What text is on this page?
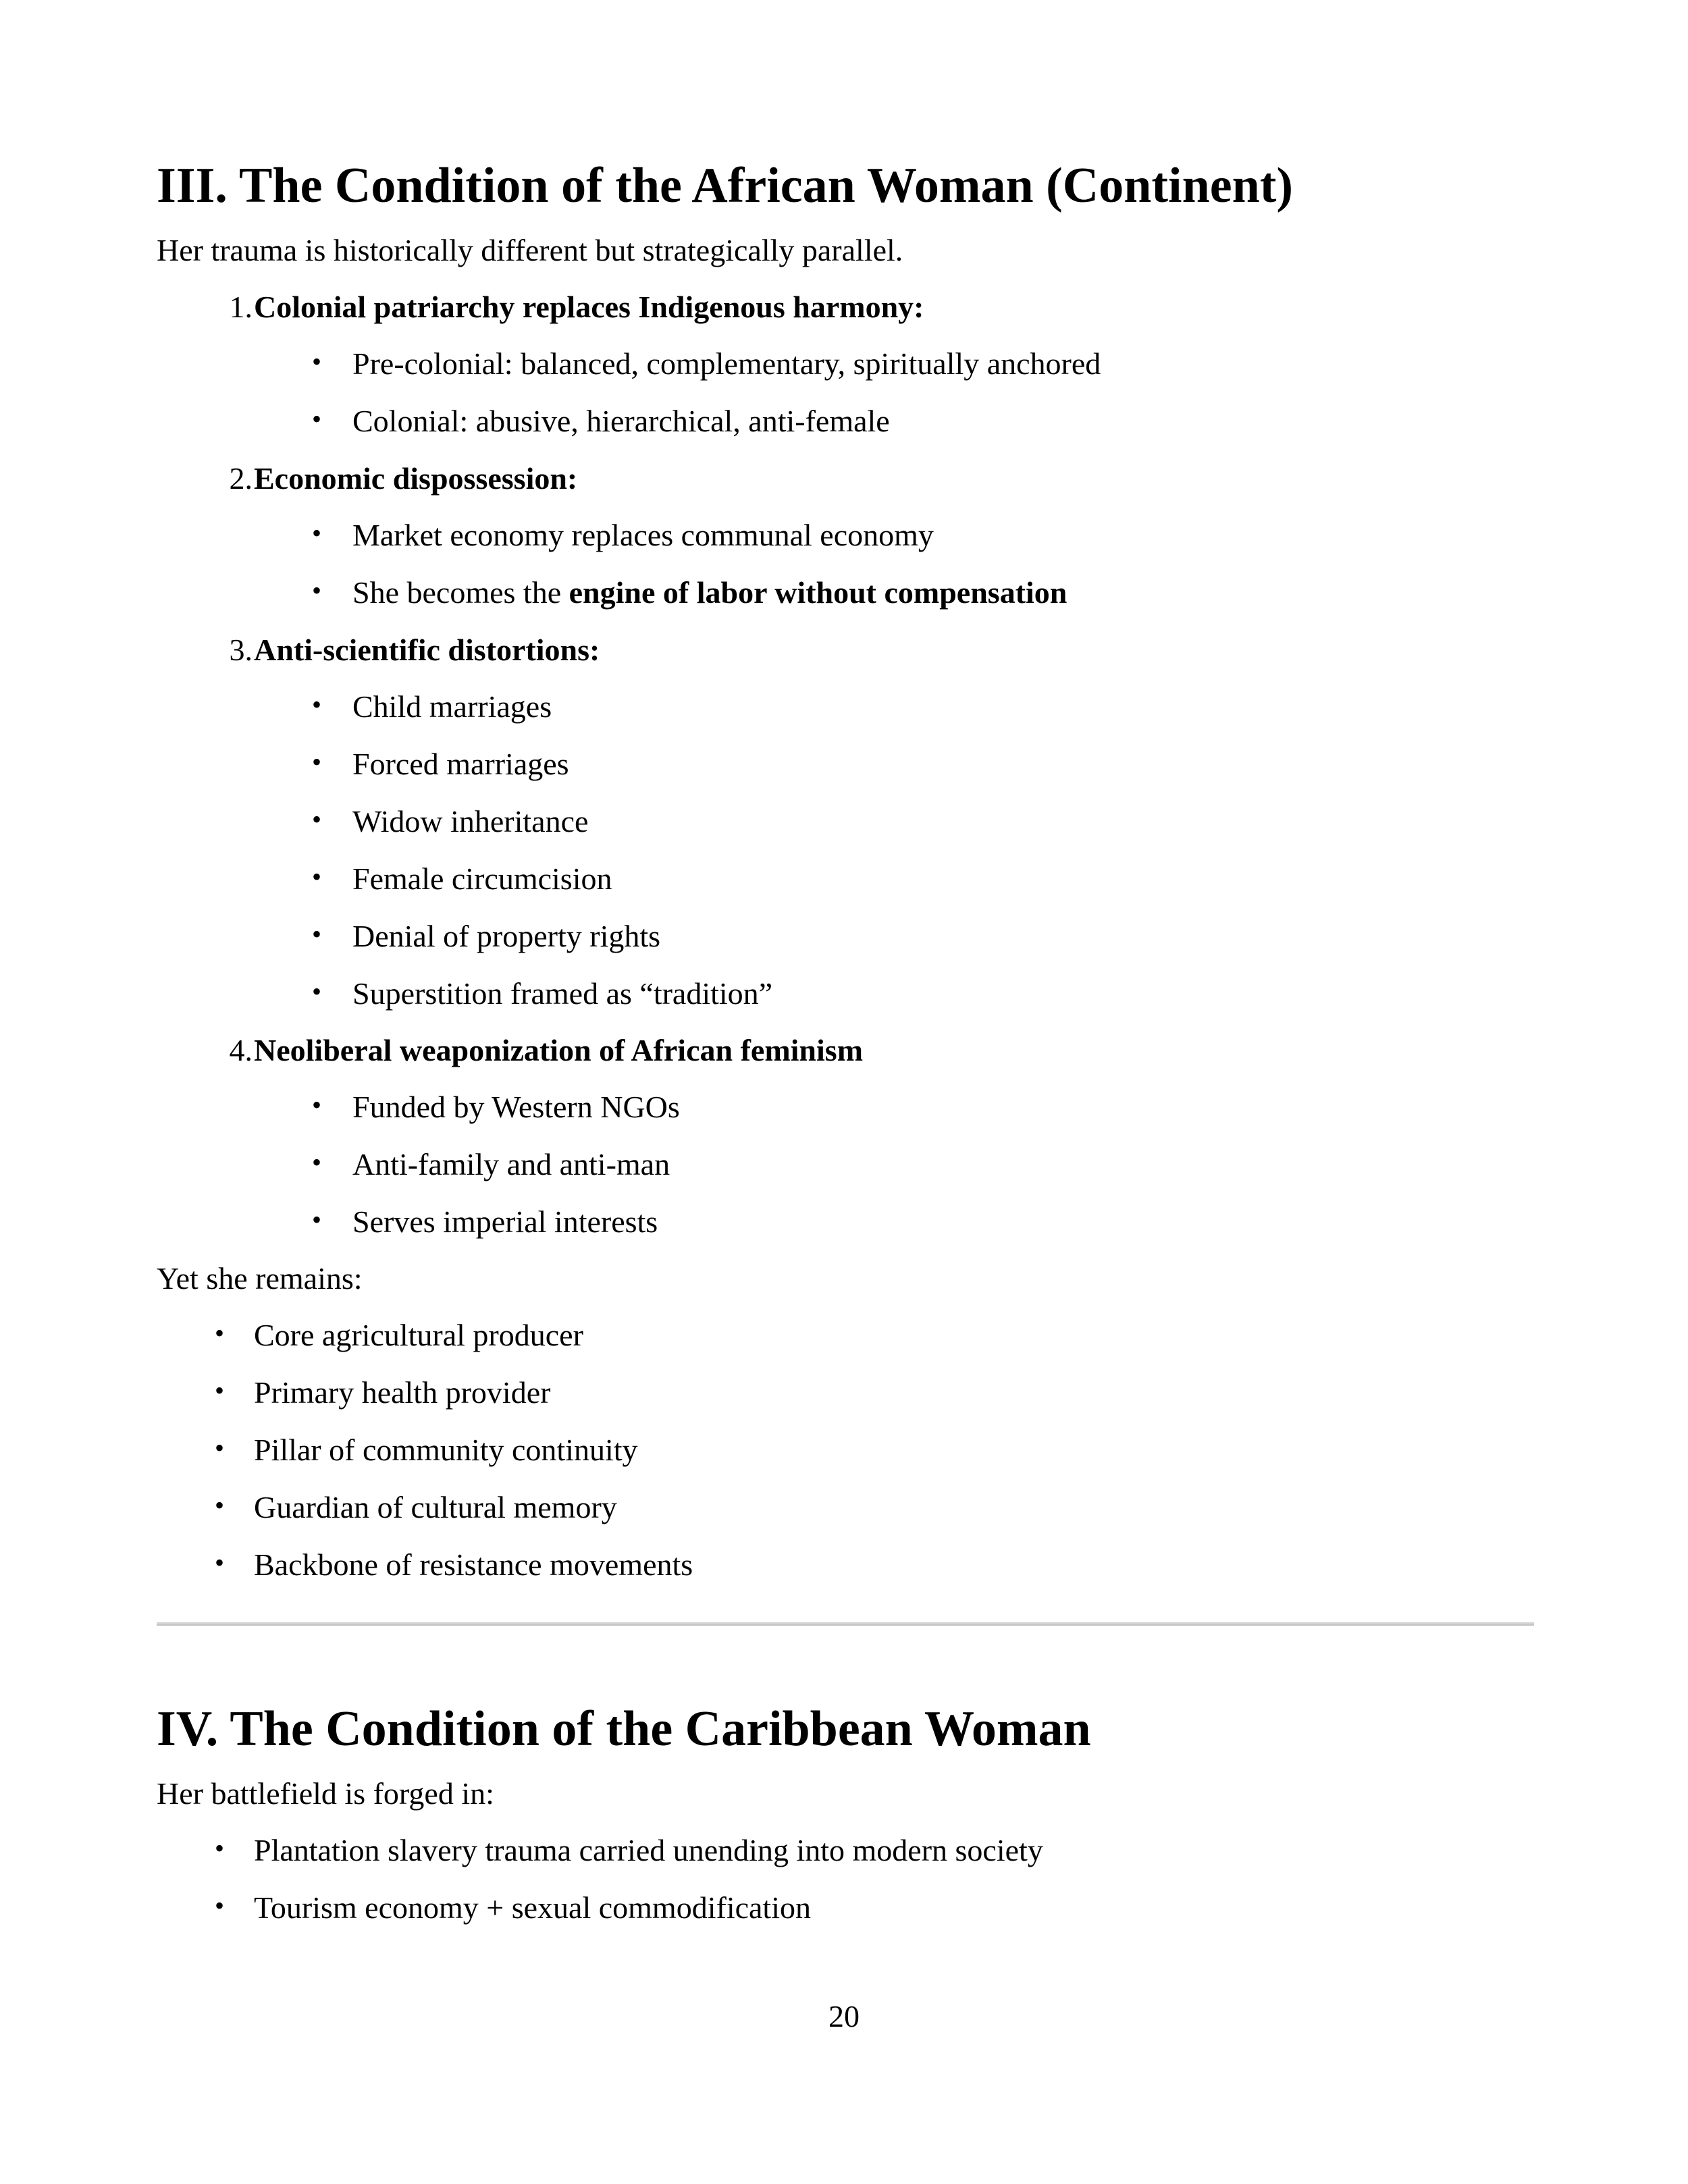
III. The Condition of the African Woman (Continent)

Her trauma is historically different but strategically parallel.

1. Colonial patriarchy replaces Indigenous harmony:
• Pre-colonial: balanced, complementary, spiritually anchored
• Colonial: abusive, hierarchical, anti-female
2. Economic dispossession:
• Market economy replaces communal economy
• She becomes the engine of labor without compensation
3. Anti-scientific distortions:
• Child marriages
• Forced marriages
• Widow inheritance
• Female circumcision
• Denial of property rights
• Superstition framed as “tradition”
4. Neoliberal weaponization of African feminism
• Funded by Western NGOs
• Anti-family and anti-man
• Serves imperial interests

Yet she remains:

• Core agricultural producer
• Primary health provider
• Pillar of community continuity
• Guardian of cultural memory
• Backbone of resistance movements
IV. The Condition of the Caribbean Woman

Her battlefield is forged in:

• Plantation slavery trauma carried unending into modern society
• Tourism economy + sexual commodification
20
